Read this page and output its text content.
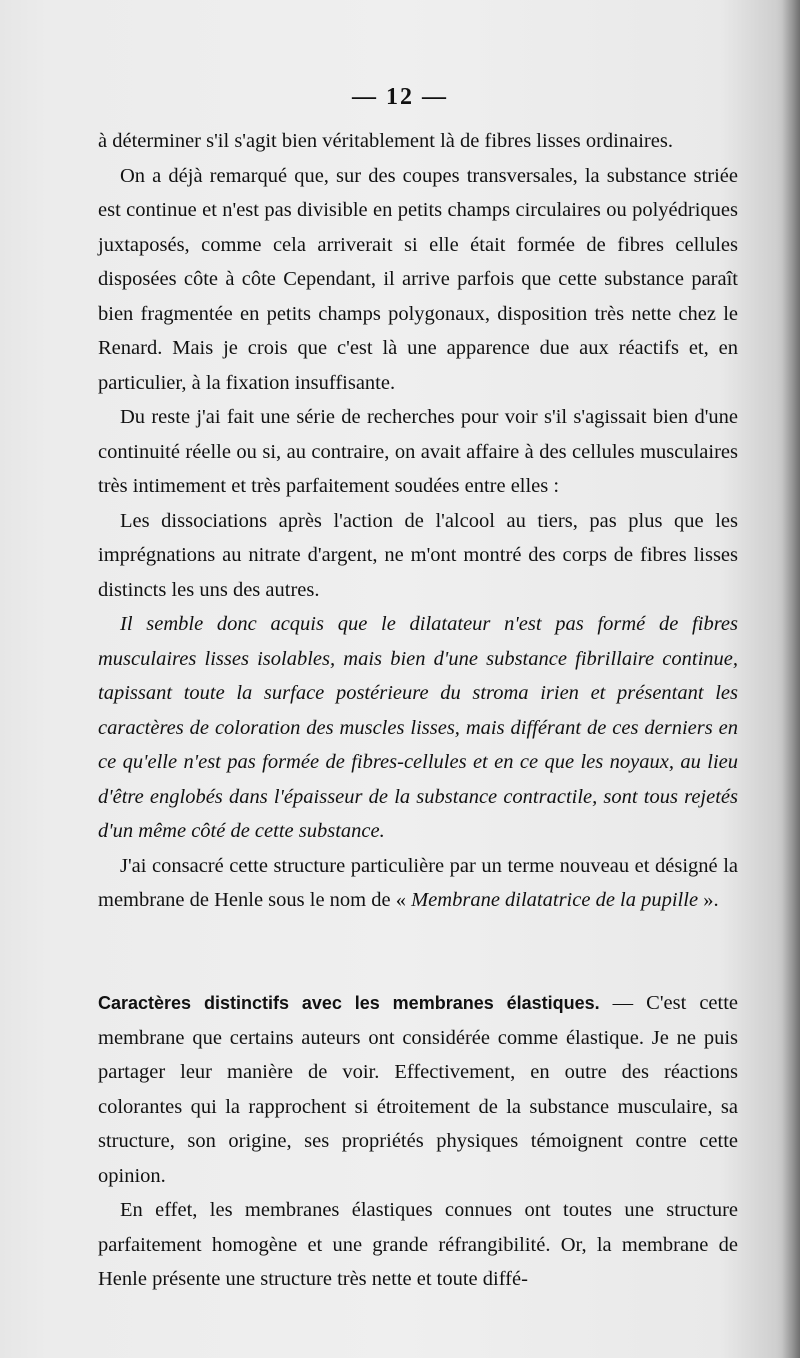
— 12 —

à déterminer s'il s'agit bien véritablement là de fibres lisses ordinaires.

On a déjà remarqué que, sur des coupes transversales, la substance striée est continue et n'est pas divisible en petits champs circulaires ou polyédriques juxtaposés, comme cela arriverait si elle était formée de fibres cellules disposées côte à côte Cependant, il arrive parfois que cette substance paraît bien fragmentée en petits champs polygonaux, disposition très nette chez le Renard. Mais je crois que c'est là une apparence due aux réactifs et, en particulier, à la fixation insuffisante.

Du reste j'ai fait une série de recherches pour voir s'il s'agissait bien d'une continuité réelle ou si, au contraire, on avait affaire à des cellules musculaires très intimement et très parfaitement soudées entre elles :

Les dissociations après l'action de l'alcool au tiers, pas plus que les imprégnations au nitrate d'argent, ne m'ont montré des corps de fibres lisses distincts les uns des autres.

Il semble donc acquis que le dilatateur n'est pas formé de fibres musculaires lisses isolables, mais bien d'une substance fibrillaire continue, tapissant toute la surface postérieure du stroma irien et présentant les caractères de coloration des muscles lisses, mais différant de ces derniers en ce qu'elle n'est pas formée de fibres-cellules et en ce que les noyaux, au lieu d'être englobés dans l'épaisseur de la substance contractile, sont tous rejetés d'un même côté de cette substance.

J'ai consacré cette structure particulière par un terme nouveau et désigné la membrane de Henle sous le nom de « Membrane dilatatrice de la pupille ».

Caractères distinctifs avec les membranes élastiques. — C'est cette membrane que certains auteurs ont considérée comme élastique. Je ne puis partager leur manière de voir. Effectivement, en outre des réactions colorantes qui la rapprochent si étroitement de la substance musculaire, sa structure, son origine, ses propriétés physiques témoignent contre cette opinion.

En effet, les membranes élastiques connues ont toutes une structure parfaitement homogène et une grande réfrangibilité. Or, la membrane de Henle présente une structure très nette et toute diffé-
